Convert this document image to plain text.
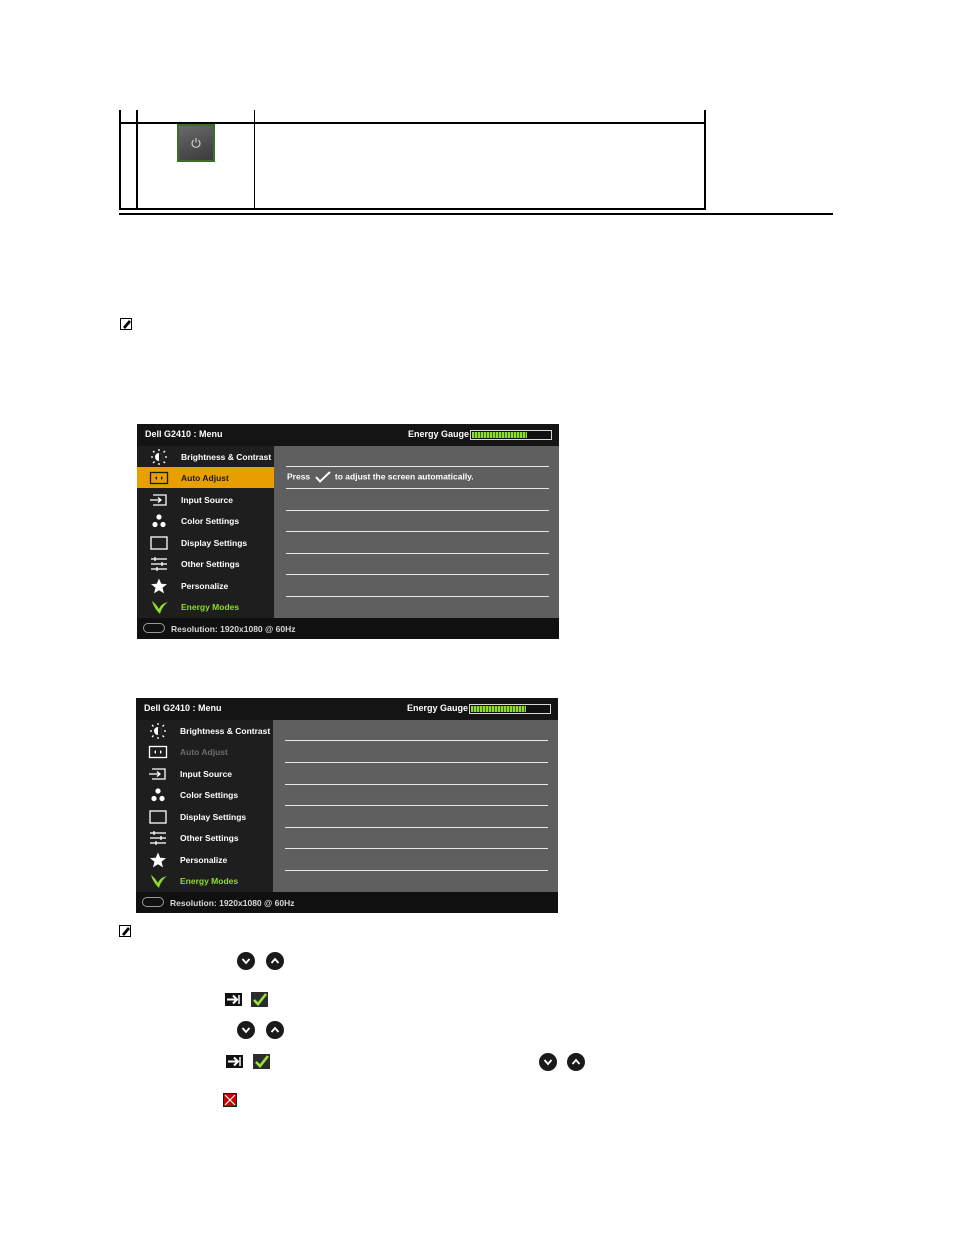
Dell G2410 : Menu	Energy Gauge
Brightness & Contrast
Auto Adjust
Input Source
Color Settings
Display Settings
Other Settings
Personalize
Energy Modes
Press	to adjust the screen automatically.
Resolution: 1920x1080 @ 60Hz
Dell G2410 : Menu	Energy Gauge
Brightness & Contrast
Auto Adjust
Input Source
Color Settings
Display Settings
Other Settings
Personalize
Energy Modes
Resolution: 1920x1080 @ 60Hz
